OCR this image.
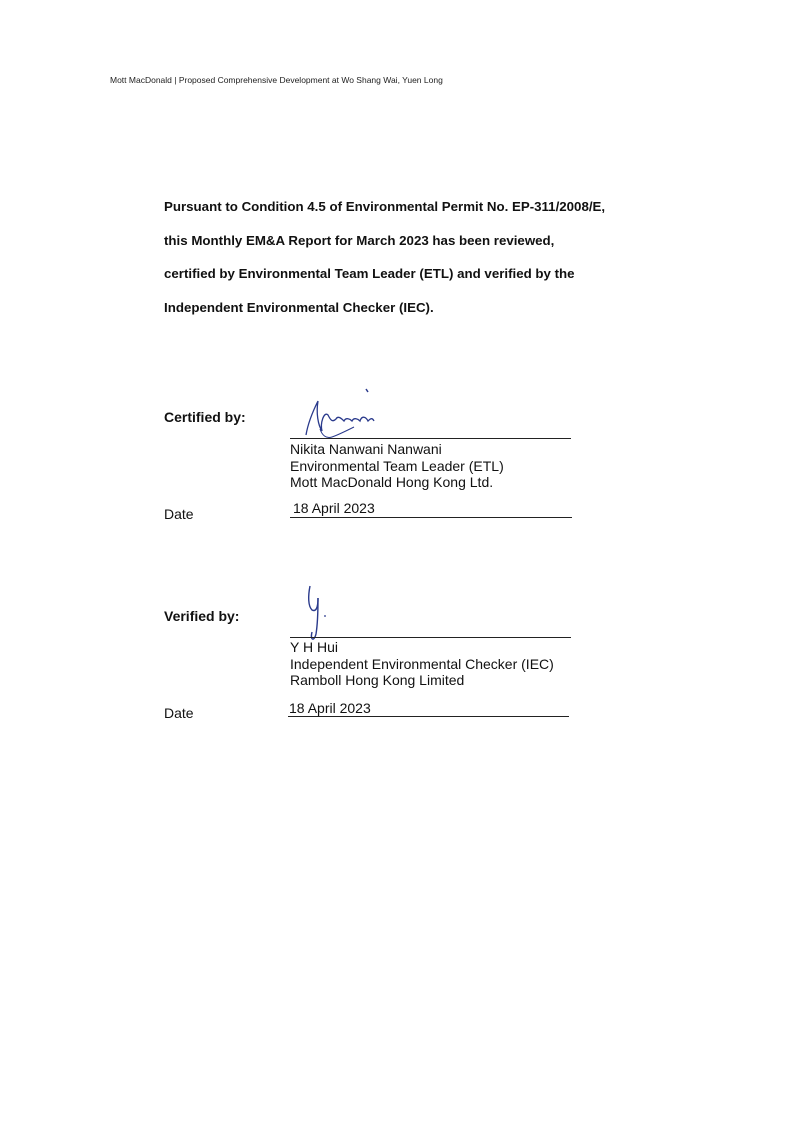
Mott MacDonald | Proposed Comprehensive Development at Wo Shang Wai, Yuen Long
Pursuant to Condition 4.5 of Environmental Permit No. EP-311/2008/E,
this Monthly EM&A Report for March 2023 has been reviewed,
certified by Environmental Team Leader (ETL) and verified by the
Independent Environmental Checker (IEC).
Certified by:
Nikita Nanwani Nanwani
Environmental Team Leader (ETL)
Mott MacDonald Hong Kong Ltd.
Date	18 April 2023
Verified by:
Y H Hui
Independent Environmental Checker (IEC)
Ramboll Hong Kong Limited
Date	18 April 2023
